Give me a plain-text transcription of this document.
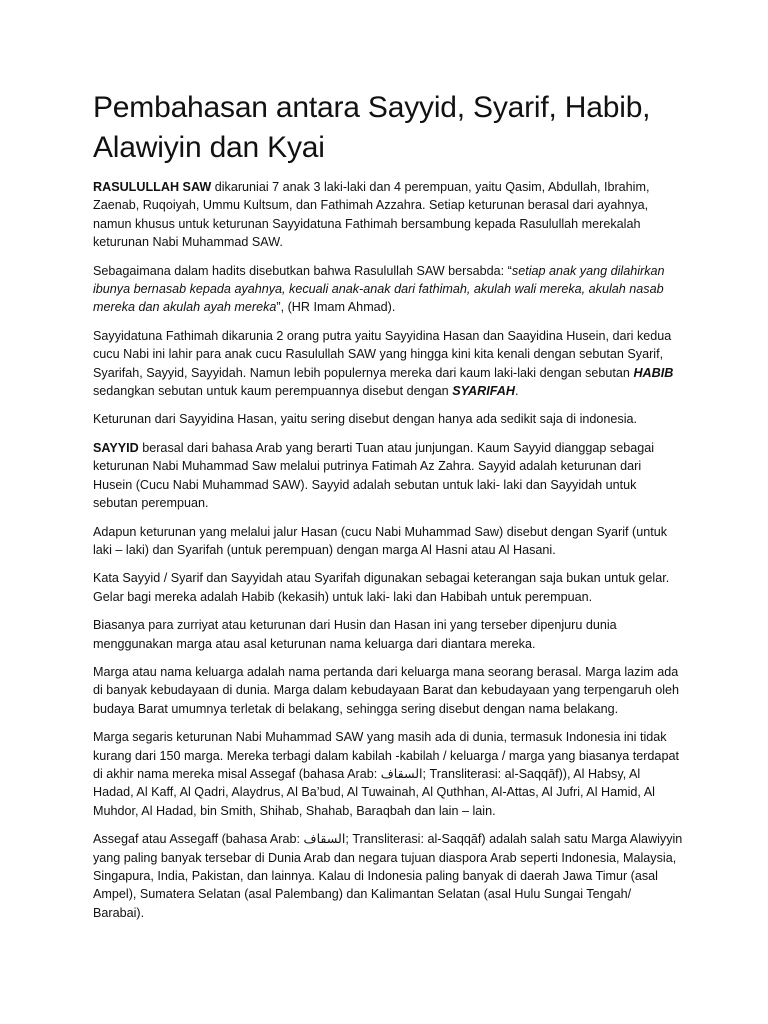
Pembahasan antara Sayyid, Syarif, Habib, Alawiyin dan Kyai

RASULULLAH SAW dikaruniai 7 anak 3 laki-laki dan 4 perempuan, yaitu Qasim, Abdullah, Ibrahim, Zaenab, Ruqoiyah, Ummu Kultsum, dan Fathimah Azzahra. Setiap keturunan berasal dari ayahnya, namun khusus untuk keturunan Sayyidatuna Fathimah bersambung kepada Rasulullah merekalah keturunan Nabi Muhammad SAW.

Sebagaimana dalam hadits disebutkan bahwa Rasulullah SAW bersabda: “setiap anak yang dilahirkan ibunya bernasab kepada ayahnya, kecuali anak-anak dari fathimah, akulah wali mereka, akulah nasab mereka dan akulah ayah mereka”, (HR Imam Ahmad).

Sayyidatuna Fathimah dikarunia 2 orang putra yaitu Sayyidina Hasan dan Saayidina Husein, dari kedua cucu Nabi ini lahir para anak cucu Rasulullah SAW yang hingga kini kita kenali dengan sebutan Syarif, Syarifah, Sayyid, Sayyidah. Namun lebih populernya mereka dari kaum laki-laki dengan sebutan HABIB sedangkan sebutan untuk kaum perempuannya disebut dengan SYARIFAH.

Keturunan dari Sayyidina Hasan, yaitu sering disebut dengan hanya ada sedikit saja di indonesia.

SAYYID berasal dari bahasa Arab yang berarti Tuan atau junjungan. Kaum Sayyid dianggap sebagai keturunan Nabi Muhammad Saw melalui putrinya Fatimah Az Zahra. Sayyid adalah keturunan dari Husein (Cucu Nabi Muhammad SAW). Sayyid adalah sebutan untuk laki- laki dan Sayyidah untuk sebutan perempuan.

Adapun keturunan yang melalui jalur Hasan (cucu Nabi Muhammad Saw) disebut dengan Syarif (untuk laki – laki) dan Syarifah (untuk perempuan) dengan marga Al Hasni atau Al Hasani.

Kata Sayyid / Syarif dan Sayyidah atau Syarifah digunakan sebagai keterangan saja bukan untuk gelar. Gelar bagi mereka adalah Habib (kekasih) untuk laki- laki dan Habibah untuk perempuan.

Biasanya para zurriyat atau keturunan dari Husin dan Hasan ini yang terseber dipenjuru dunia menggunakan marga atau asal keturunan nama keluarga dari diantara mereka.

Marga atau nama keluarga adalah nama pertanda dari keluarga mana seorang berasal. Marga lazim ada di banyak kebudayaan di dunia. Marga dalam kebudayaan Barat dan kebudayaan yang terpengaruh oleh budaya Barat umumnya terletak di belakang, sehingga sering disebut dengan nama belakang.

Marga segaris keturunan Nabi Muhammad SAW yang masih ada di dunia, termasuk Indonesia ini tidak kurang dari 150 marga. Mereka terbagi dalam kabilah -kabilah / keluarga / marga yang biasanya terdapat di akhir nama mereka misal Assegaf (bahasa Arab: السقاف; Transliterasi: al-Saqqāf)), Al Habsy, Al Hadad, Al Kaff, Al Qadri, Alaydrus, Al Ba’bud, Al Tuwainah, Al Quthhan, Al-Attas, Al Jufri, Al Hamid, Al Muhdor, Al Hadad, bin Smith, Shihab, Shahab, Baraqbah dan lain – lain.

Assegaf atau Assegaff (bahasa Arab: السقاف; Transliterasi: al-Saqqāf) adalah salah satu Marga Alawiyyin yang paling banyak tersebar di Dunia Arab dan negara tujuan diaspora Arab seperti Indonesia, Malaysia, Singapura, India, Pakistan, dan lainnya. Kalau di Indonesia paling banyak di daerah Jawa Timur (asal Ampel), Sumatera Selatan (asal Palembang) dan Kalimantan Selatan (asal Hulu Sungai Tengah/ Barabai).
